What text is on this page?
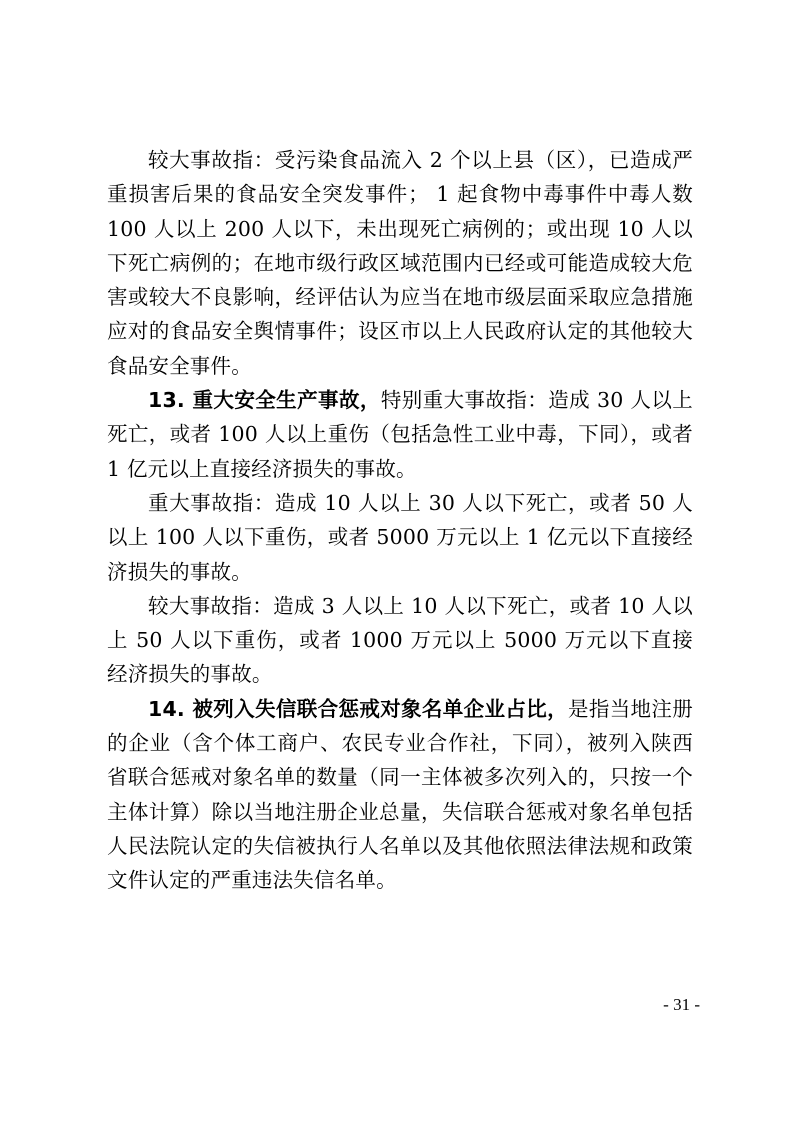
较大事故指：受污染食品流入 2 个以上县（区），已造成严重损害后果的食品安全突发事件； 1 起食物中毒事件中毒人数 100 人以上 200 人以下，未出现死亡病例的；或出现 10 人以下死亡病例的；在地市级行政区域范围内已经或可能造成较大危害或较大不良影响，经评估认为应当在地市级层面采取应急措施应对的食品安全舆情事件；设区市以上人民政府认定的其他较大食品安全事件。

13. 重大安全生产事故，特别重大事故指：造成 30 人以上死亡，或者 100 人以上重伤（包括急性工业中毒，下同），或者 1 亿元以上直接经济损失的事故。

重大事故指：造成 10 人以上 30 人以下死亡，或者 50 人以上 100 人以下重伤，或者 5000 万元以上 1 亿元以下直接经济损失的事故。

较大事故指：造成 3 人以上 10 人以下死亡，或者 10 人以上 50 人以下重伤，或者 1000 万元以上 5000 万元以下直接经济损失的事故。

14. 被列入失信联合惩戒对象名单企业占比，是指当地注册的企业（含个体工商户、农民专业合作社，下同），被列入陕西省联合惩戒对象名单的数量（同一主体被多次列入的，只按一个主体计算）除以当地注册企业总量，失信联合惩戒对象名单包括人民法院认定的失信被执行人名单以及其他依照法律法规和政策文件认定的严重违法失信名单。

- 31 -
